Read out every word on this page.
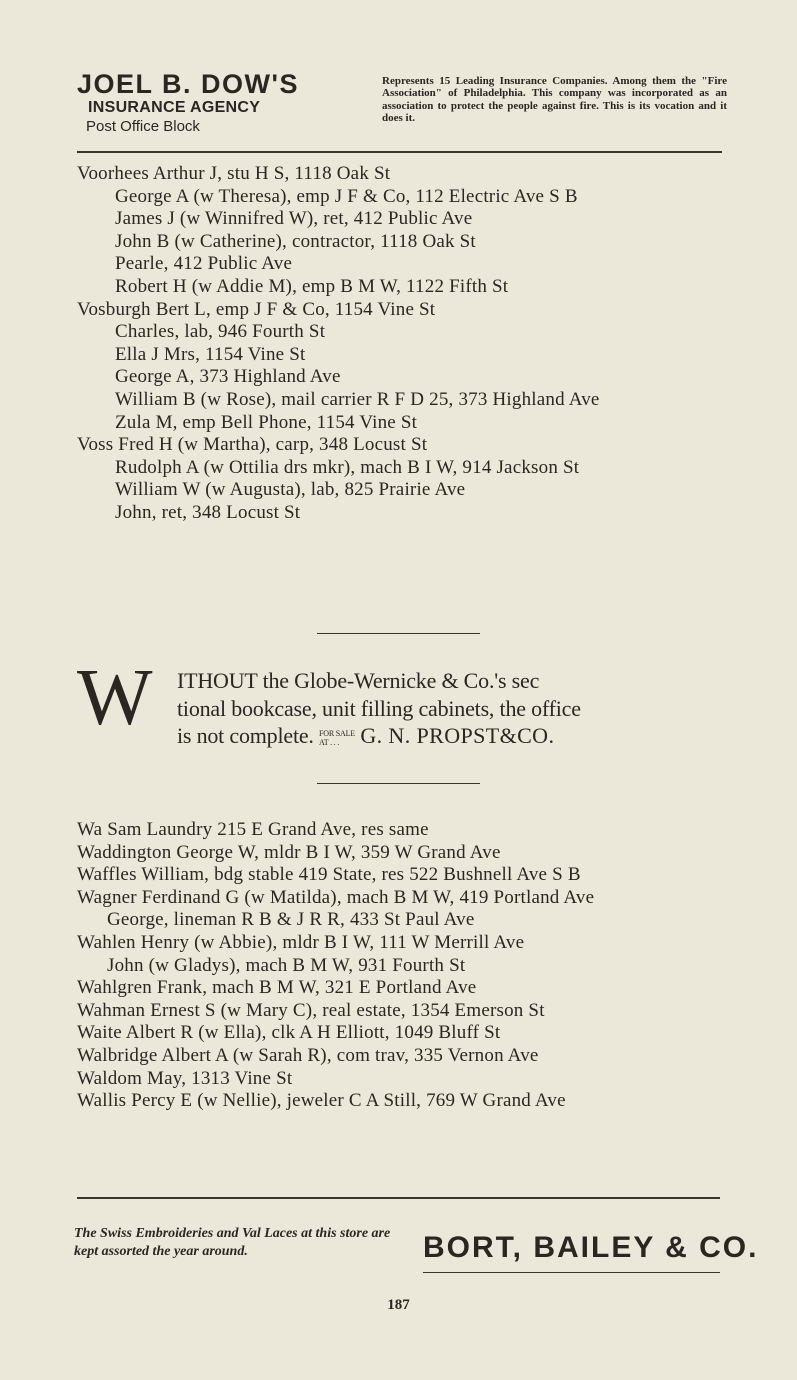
JOEL B. DOW'S
INSURANCE AGENCY
Post Office Block
Represents 15 Leading Insurance Companies. Among them the "Fire Association" of Philadelphia. This company was incorporated as an association to protect the people against fire. This is its vocation and it does it.
Voorhees Arthur J, stu H S, 1118 Oak St
George A (w Theresa), emp J F & Co, 112 Electric Ave S B
James J (w Winnifred W), ret, 412 Public Ave
John B (w Catherine), contractor, 1118 Oak St
Pearle, 412 Public Ave
Robert H (w Addie M), emp B M W, 1122 Fifth St
Vosburgh Bert L, emp J F & Co, 1154 Vine St
Charles, lab, 946 Fourth St
Ella J Mrs, 1154 Vine St
George A, 373 Highland Ave
William B (w Rose), mail carrier R F D 25, 373 Highland Ave
Zula M, emp Bell Phone, 1154 Vine St
Voss Fred H (w Martha), carp, 348 Locust St
Rudolph A (w Ottilia drs mkr), mach B I W, 914 Jackson St
William W (w Augusta), lab, 825 Prairie Ave
John, ret, 348 Locust St
W ITHOUT the Globe-Wernicke & Co.'s sec
tional bookcase, unit filling cabinets, the office
is not complete. FOR SALE
AT . . . G. N. PROPST&CO.
Wa Sam Laundry 215 E Grand Ave, res same
Waddington George W, mldr B I W, 359 W Grand Ave
Waffles William, bdg stable 419 State, res 522 Bushnell Ave S B
Wagner Ferdinand G (w Matilda), mach B M W, 419 Portland Ave
George, lineman R B & J R R, 433 St Paul Ave
Wahlen Henry (w Abbie), mldr B I W, 111 W Merrill Ave
John (w Gladys), mach B M W, 931 Fourth St
Wahlgren Frank, mach B M W, 321 E Portland Ave
Wahman Ernest S (w Mary C), real estate, 1354 Emerson St
Waite Albert R (w Ella), clk A H Elliott, 1049 Bluff St
Walbridge Albert A (w Sarah R), com trav, 335 Vernon Ave
Waldom May, 1313 Vine St
Wallis Percy E (w Nellie), jeweler C A Still, 769 W Grand Ave
The Swiss Embroideries and Val Laces at this store are kept assorted the year around.	BORT, BAILEY & CO.
187
